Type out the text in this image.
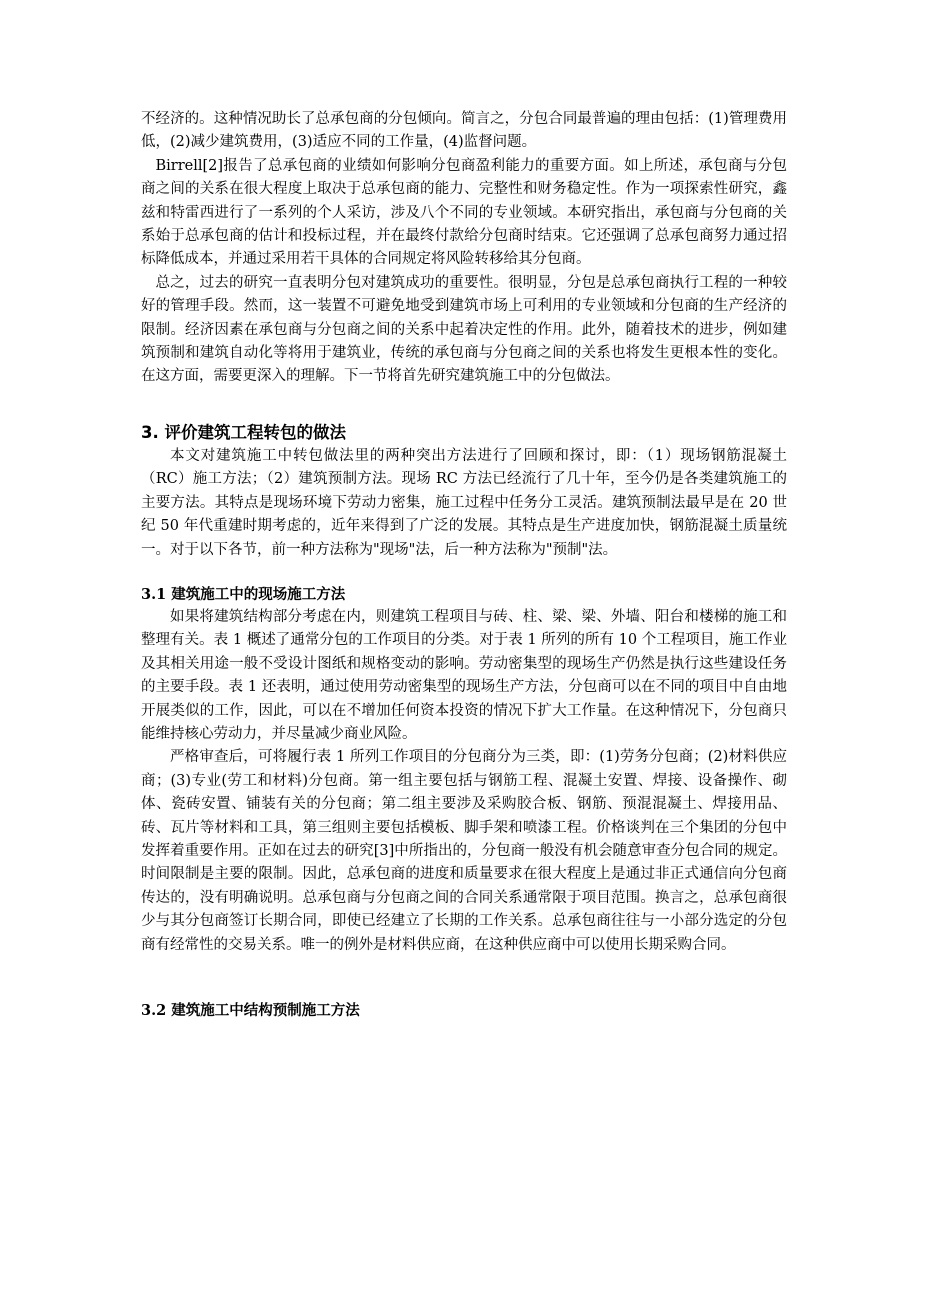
不经济的。这种情况助长了总承包商的分包倾向。简言之，分包合同最普遍的理由包括：(1)管理费用低，(2)减少建筑费用，(3)适应不同的工作量，(4)监督问题。

Birrell[2]报告了总承包商的业绩如何影响分包商盈利能力的重要方面。如上所述，承包商与分包商之间的关系在很大程度上取决于总承包商的能力、完整性和财务稳定性。作为一项探索性研究，鑫兹和特雷西进行了一系列的个人采访，涉及八个不同的专业领域。本研究指出，承包商与分包商的关系始于总承包商的估计和投标过程，并在最终付款给分包商时结束。它还强调了总承包商努力通过招标降低成本，并通过采用若干具体的合同规定将风险转移给其分包商。

总之，过去的研究一直表明分包对建筑成功的重要性。很明显，分包是总承包商执行工程的一种较好的管理手段。然而，这一装置不可避免地受到建筑市场上可利用的专业领域和分包商的生产经济的限制。经济因素在承包商与分包商之间的关系中起着决定性的作用。此外，随着技术的进步，例如建筑预制和建筑自动化等将用于建筑业，传统的承包商与分包商之间的关系也将发生更根本性的变化。在这方面，需要更深入的理解。下一节将首先研究建筑施工中的分包做法。

3. 评价建筑工程转包的做法

本文对建筑施工中转包做法里的两种突出方法进行了回顾和探讨，即：（1）现场钢筋混凝土（RC）施工方法；（2）建筑预制方法。现场 RC 方法已经流行了几十年，至今仍是各类建筑施工的主要方法。其特点是现场环境下劳动力密集，施工过程中任务分工灵活。建筑预制法最早是在 20 世纪 50 年代重建时期考虑的，近年来得到了广泛的发展。其特点是生产进度加快，钢筋混凝土质量统一。对于以下各节，前一种方法称为"现场"法，后一种方法称为"预制"法。

3.1 建筑施工中的现场施工方法

如果将建筑结构部分考虑在内，则建筑工程项目与砖、柱、梁、梁、外墙、阳台和楼梯的施工和整理有关。表 1 概述了通常分包的工作项目的分类。对于表 1 所列的所有 10 个工程项目，施工作业及其相关用途一般不受设计图纸和规格变动的影响。劳动密集型的现场生产仍然是执行这些建设任务的主要手段。表 1 还表明，通过使用劳动密集型的现场生产方法，分包商可以在不同的项目中自由地开展类似的工作，因此，可以在不增加任何资本投资的情况下扩大工作量。在这种情况下，分包商只能维持核心劳动力，并尽量减少商业风险。

严格审查后，可将履行表 1 所列工作项目的分包商分为三类，即：(1)劳务分包商；(2)材料供应商；(3)专业(劳工和材料)分包商。第一组主要包括与钢筋工程、混凝土安置、焊接、设备操作、砌体、瓷砖安置、铺装有关的分包商；第二组主要涉及采购胶合板、钢筋、预混混凝土、焊接用品、砖、瓦片等材料和工具，第三组则主要包括模板、脚手架和喷漆工程。价格谈判在三个集团的分包中发挥着重要作用。正如在过去的研究[3]中所指出的，分包商一般没有机会随意审查分包合同的规定。时间限制是主要的限制。因此，总承包商的进度和质量要求在很大程度上是通过非正式通信向分包商传达的，没有明确说明。总承包商与分包商之间的合同关系通常限于项目范围。换言之，总承包商很少与其分包商签订长期合同，即使已经建立了长期的工作关系。总承包商往往与一小部分选定的分包商有经常性的交易关系。唯一的例外是材料供应商，在这种供应商中可以使用长期采购合同。

3.2 建筑施工中结构预制施工方法
